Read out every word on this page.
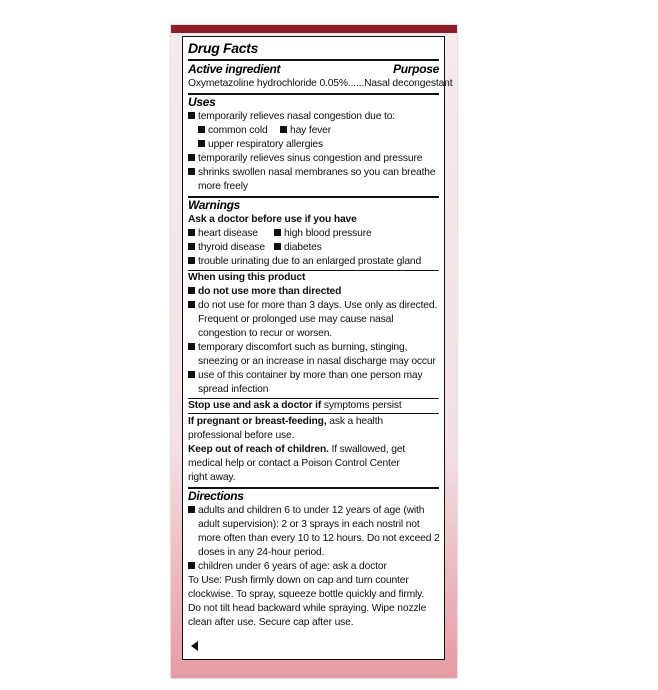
Drug Facts
Active ingredient	Purpose
Oxymetazoline hydrochloride 0.05%......Nasal decongestant
Uses
temporarily relieves nasal congestion due to:
common cold hay fever
upper respiratory allergies
temporarily relieves sinus congestion and pressure
shrinks swollen nasal membranes so you can breathe
more freely
Warnings
Ask a doctor before use if you have
heart disease	high blood pressure
thyroid disease diabetes
trouble urinating due to an enlarged prostate gland
When using this product
do not use more than directed
do not use for more than 3 days. Use only as directed.
Frequent or prolonged use may cause nasal
congestion to recur or worsen.
temporary discomfort such as burning, stinging,
sneezing or an increase in nasal discharge may occur
use of this container by more than one person may
spread infection
Stop use and ask a doctor if symptoms persist
If pregnant or breast-feeding, ask a health
professional before use.
Keep out of reach of children. If swallowed, get
medical help or contact a Poison Control Center
right away.
Directions
adults and children 6 to under 12 years of age (with
adult supervision): 2 or 3 sprays in each nostril not
more often than every 10 to 12 hours. Do not exceed 2
doses in any 24-hour period.
children under 6 years of age: ask a doctor
To Use: Push firmly down on cap and turn counter
clockwise. To spray, squeeze bottle quickly and firmly.
Do not tilt head backward while spraying. Wipe nozzle
clean after use. Secure cap after use.
